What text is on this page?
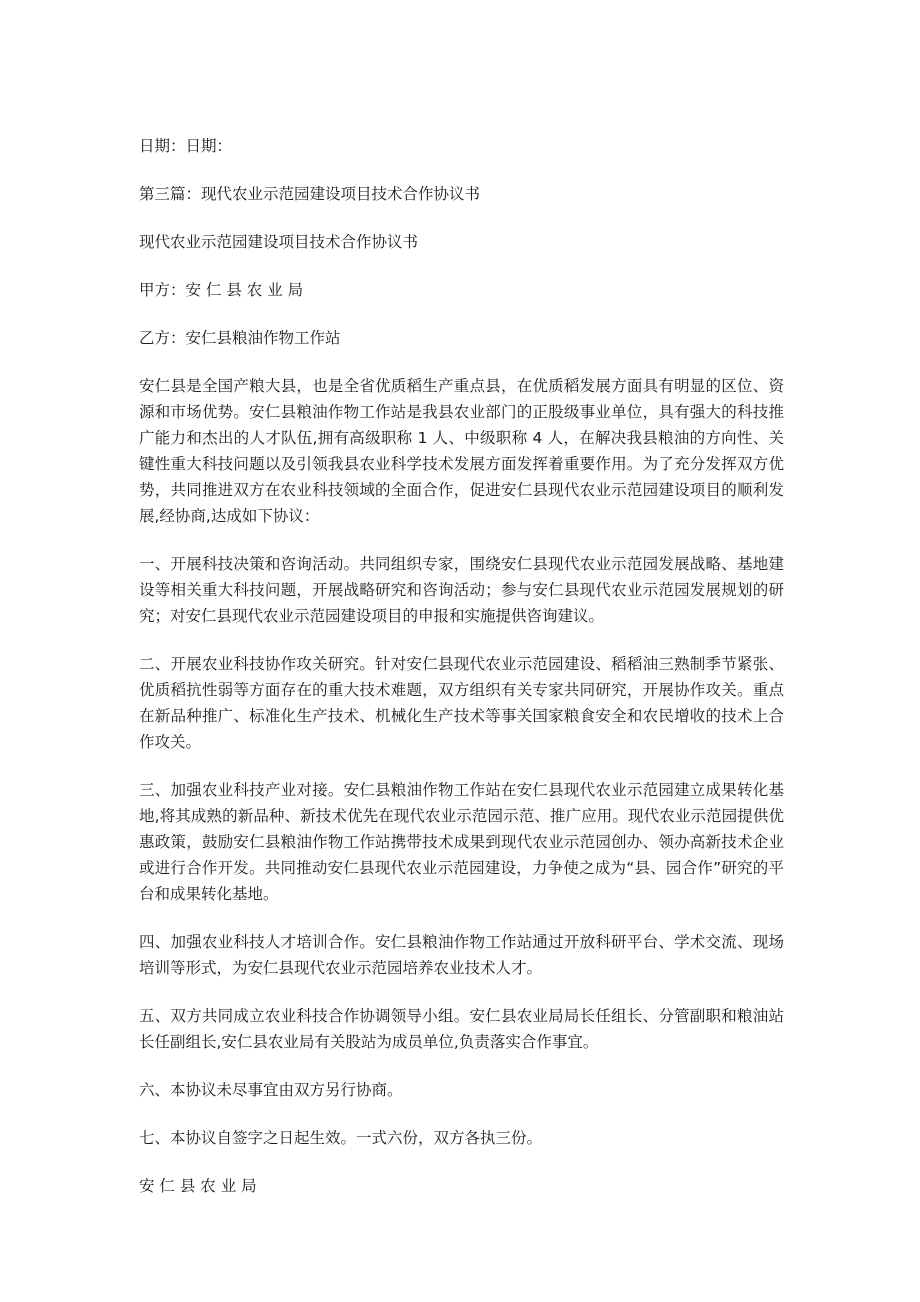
日期：日期：

第三篇：现代农业示范园建设项目技术合作协议书

现代农业示范园建设项目技术合作协议书

甲方：安 仁 县 农 业 局

乙方：安仁县粮油作物工作站

安仁县是全国产粮大县，也是全省优质稻生产重点县，在优质稻发展方面具有明显的区位、资源和市场优势。安仁县粮油作物工作站是我县农业部门的正股级事业单位，具有强大的科技推广能力和杰出的人才队伍,拥有高级职称 1 人、中级职称 4 人，在解决我县粮油的方向性、关键性重大科技问题以及引领我县农业科学技术发展方面发挥着重要作用。为了充分发挥双方优势，共同推进双方在农业科技领域的全面合作，促进安仁县现代农业示范园建设项目的顺利发展,经协商,达成如下协议：

一、开展科技决策和咨询活动。共同组织专家，围绕安仁县现代农业示范园发展战略、基地建设等相关重大科技问题，开展战略研究和咨询活动；参与安仁县现代农业示范园发展规划的研究；对安仁县现代农业示范园建设项目的申报和实施提供咨询建议。

二、开展农业科技协作攻关研究。针对安仁县现代农业示范园建设、稻稻油三熟制季节紧张、优质稻抗性弱等方面存在的重大技术难题，双方组织有关专家共同研究，开展协作攻关。重点在新品种推广、标准化生产技术、机械化生产技术等事关国家粮食安全和农民增收的技术上合作攻关。

三、加强农业科技产业对接。安仁县粮油作物工作站在安仁县现代农业示范园建立成果转化基地,将其成熟的新品种、新技术优先在现代农业示范园示范、推广应用。现代农业示范园提供优惠政策，鼓励安仁县粮油作物工作站携带技术成果到现代农业示范园创办、领办高新技术企业或进行合作开发。共同推动安仁县现代农业示范园建设，力争使之成为“县、园合作”研究的平台和成果转化基地。

四、加强农业科技人才培训合作。安仁县粮油作物工作站通过开放科研平台、学术交流、现场培训等形式，为安仁县现代农业示范园培养农业技术人才。

五、双方共同成立农业科技合作协调领导小组。安仁县农业局局长任组长、分管副职和粮油站长任副组长,安仁县农业局有关股站为成员单位,负责落实合作事宜。

六、本协议未尽事宜由双方另行协商。

七、本协议自签字之日起生效。一式六份，双方各执三份。

安 仁 县 农 业 局
